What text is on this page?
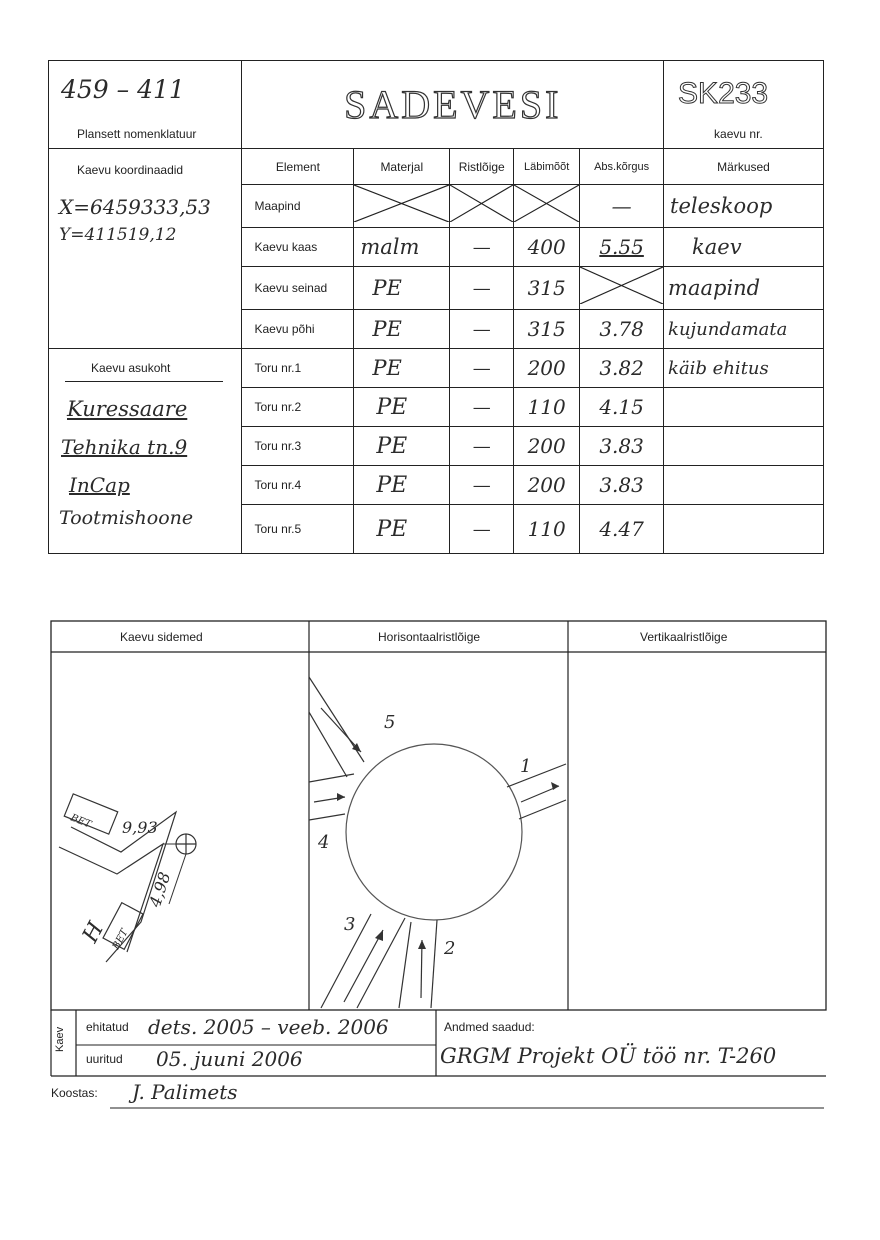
459 – 411
Plansett nomenklatuur	SADEVESI					SK233
kaevu nr.

Kaevu koordinaadid
X=6459333,53
Y=411519,12	Element	Materjal	Ristlõige	Läbimõõt	Abs.kõrgus	Märkused
	Maapind				—	teleskoop
	Kaevu kaas	malm	—	400	5.55	kaev
	Kaevu seinad	PE	—	315		maapind
	Kaevu põhi	PE	—	315	3.78	kujundamata

Kaevu asukoht
Kuressaare
Tehnika tn.9
InCap
Tootmishoone	Toru nr.1	PE	—	200	3.82	käib ehitus
	Toru nr.2	PE	—	110	4.15	
	Toru nr.3	PE	—	200	3.83	
	Toru nr.4	PE	—	200	3.83	
	Toru nr.5	PE	—	110	4.47	
Kaevu sidemed	Horisontaalristlõige	Vertikaalristlõige
BET
BET
H
9,93
4,98
1
2
3
4
5
Kaev ehitatud dets. 2005 – veeb. 2006
uuritud 05. juuni 2006
Andmed saadud:
GRGM Projekt OÜ töö nr. T-260
Koostas: J. Palimets
